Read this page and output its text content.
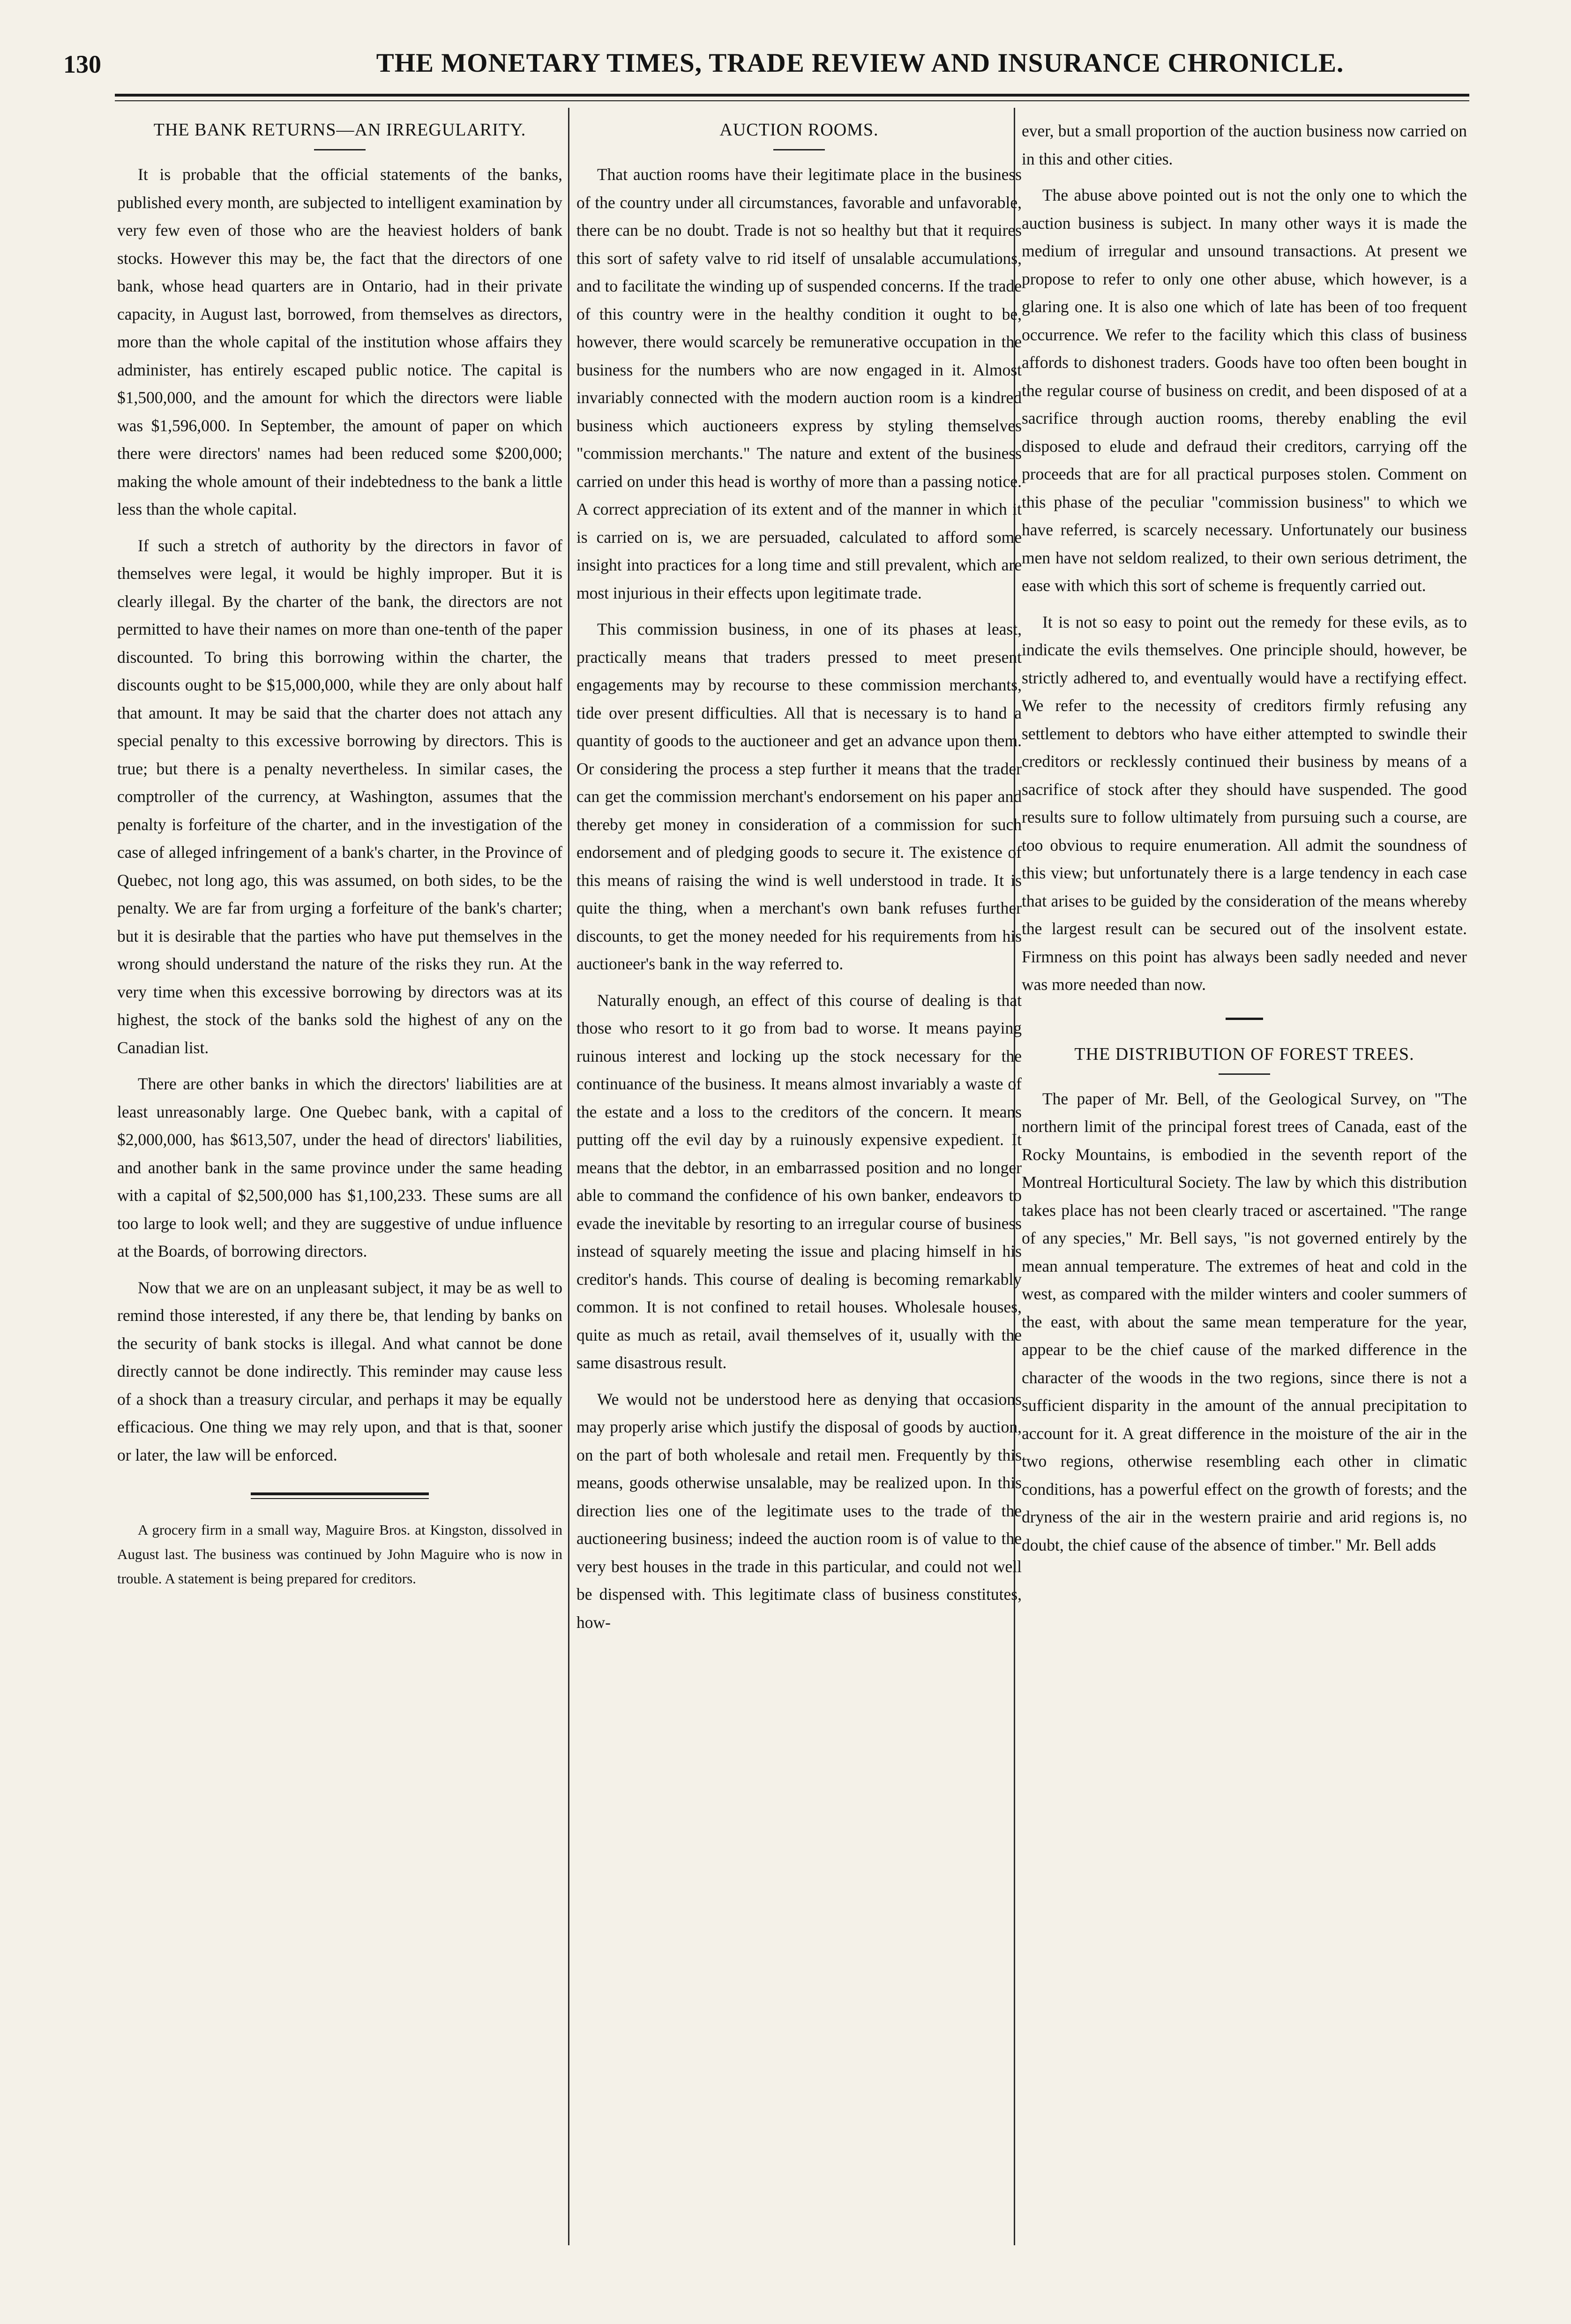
130	THE MONETARY TIMES, TRADE REVIEW AND INSURANCE CHRONICLE.
THE BANK RETURNS—AN IRREGULARITY.

It is probable that the official statements of the banks, published every month, are subjected to intelligent examination by very few even of those who are the heaviest holders of bank stocks. However this may be, the fact that the directors of one bank, whose head quarters are in Ontario, had in their private capacity, in August last, borrowed, from themselves as directors, more than the whole capital of the institution whose affairs they administer, has entirely escaped public notice. The capital is $1,500,000, and the amount for which the directors were liable was $1,596,000. In September, the amount of paper on which there were directors' names had been reduced some $200,000; making the whole amount of their indebtedness to the bank a little less than the whole capital.

If such a stretch of authority by the directors in favor of themselves were legal, it would be highly improper. But it is clearly illegal. By the charter of the bank, the directors are not permitted to have their names on more than one-tenth of the paper discounted. To bring this borrowing within the charter, the discounts ought to be $15,000,000, while they are only about half that amount. It may be said that the charter does not attach any special penalty to this excessive borrowing by directors. This is true; but there is a penalty nevertheless. In similar cases, the comptroller of the currency, at Washington, assumes that the penalty is forfeiture of the charter, and in the investigation of the case of alleged infringement of a bank's charter, in the Province of Quebec, not long ago, this was assumed, on both sides, to be the penalty. We are far from urging a forfeiture of the bank's charter; but it is desirable that the parties who have put themselves in the wrong should understand the nature of the risks they run. At the very time when this excessive borrowing by directors was at its highest, the stock of the banks sold the highest of any on the Canadian list.

There are other banks in which the directors' liabilities are at least unreasonably large. One Quebec bank, with a capital of $2,000,000, has $613,507, under the head of directors' liabilities, and another bank in the same province under the same heading with a capital of $2,500,000 has $1,100,233. These sums are all too large to look well; and they are suggestive of undue influence at the Boards, of borrowing directors.

Now that we are on an unpleasant subject, it may be as well to remind those interested, if any there be, that lending by banks on the security of bank stocks is illegal. And what cannot be done directly cannot be done indirectly. This reminder may cause less of a shock than a treasury circular, and perhaps it may be equally efficacious. One thing we may rely upon, and that is that, sooner or later, the law will be enforced.

A grocery firm in a small way, Maguire Bros. at Kingston, dissolved in August last. The business was continued by John Maguire who is now in trouble. A statement is being prepared for creditors.

AUCTION ROOMS.

That auction rooms have their legitimate place in the business of the country under all circumstances, favorable and unfavorable, there can be no doubt. Trade is not so healthy but that it requires this sort of safety valve to rid itself of unsalable accumulations, and to facilitate the winding up of suspended concerns. If the trade of this country were in the healthy condition it ought to be, however, there would scarcely be remunerative occupation in the business for the numbers who are now engaged in it. Almost invariably connected with the modern auction room is a kindred business which auctioneers express by styling themselves "commission merchants." The nature and extent of the business carried on under this head is worthy of more than a passing notice. A correct appreciation of its extent and of the manner in which it is carried on is, we are persuaded, calculated to afford some insight into practices for a long time and still prevalent, which are most injurious in their effects upon legitimate trade.

This commission business, in one of its phases at least, practically means that traders pressed to meet present engagements may by recourse to these commission merchants, tide over present difficulties. All that is necessary is to hand a quantity of goods to the auctioneer and get an advance upon them. Or considering the process a step further it means that the trader can get the commission merchant's endorsement on his paper and thereby get money in consideration of a commission for such endorsement and of pledging goods to secure it. The existence of this means of raising the wind is well understood in trade. It is quite the thing, when a merchant's own bank refuses further discounts, to get the money needed for his requirements from his auctioneer's bank in the way referred to.

Naturally enough, an effect of this course of dealing is that those who resort to it go from bad to worse. It means paying ruinous interest and locking up the stock necessary for the continuance of the business. It means almost invariably a waste of the estate and a loss to the creditors of the concern. It means putting off the evil day by a ruinously expensive expedient. It means that the debtor, in an embarrassed position and no longer able to command the confidence of his own banker, endeavors to evade the inevitable by resorting to an irregular course of business instead of squarely meeting the issue and placing himself in his creditor's hands. This course of dealing is becoming remarkably common. It is not confined to retail houses. Wholesale houses, quite as much as retail, avail themselves of it, usually with the same disastrous result.

We would not be understood here as denying that occasions may properly arise which justify the disposal of goods by auction, on the part of both wholesale and retail men. Frequently by this means, goods otherwise unsalable, may be realized upon. In this direction lies one of the legitimate uses to the trade of the auctioneering business; indeed the auction room is of value to the very best houses in the trade in this particular, and could not well be dispensed with. This legitimate class of business constitutes, how-

ever, but a small proportion of the auction business now carried on in this and other cities.

The abuse above pointed out is not the only one to which the auction business is subject. In many other ways it is made the medium of irregular and unsound transactions. At present we propose to refer to only one other abuse, which however, is a glaring one. It is also one which of late has been of too frequent occurrence. We refer to the facility which this class of business affords to dishonest traders. Goods have too often been bought in the regular course of business on credit, and been disposed of at a sacrifice through auction rooms, thereby enabling the evil disposed to elude and defraud their creditors, carrying off the proceeds that are for all practical purposes stolen. Comment on this phase of the peculiar "commission business" to which we have referred, is scarcely necessary. Unfortunately our business men have not seldom realized, to their own serious detriment, the ease with which this sort of scheme is frequently carried out.

It is not so easy to point out the remedy for these evils, as to indicate the evils themselves. One principle should, however, be strictly adhered to, and eventually would have a rectifying effect. We refer to the necessity of creditors firmly refusing any settlement to debtors who have either attempted to swindle their creditors or recklessly continued their business by means of a sacrifice of stock after they should have suspended. The good results sure to follow ultimately from pursuing such a course, are too obvious to require enumeration. All admit the soundness of this view; but unfortunately there is a large tendency in each case that arises to be guided by the consideration of the means whereby the largest result can be secured out of the insolvent estate. Firmness on this point has always been sadly needed and never was more needed than now.

THE DISTRIBUTION OF FOREST TREES.

The paper of Mr. Bell, of the Geological Survey, on "The northern limit of the principal forest trees of Canada, east of the Rocky Mountains, is embodied in the seventh report of the Montreal Horticultural Society. The law by which this distribution takes place has not been clearly traced or ascertained. "The range of any species," Mr. Bell says, "is not governed entirely by the mean annual temperature. The extremes of heat and cold in the west, as compared with the milder winters and cooler summers of the east, with about the same mean temperature for the year, appear to be the chief cause of the marked difference in the character of the woods in the two regions, since there is not a sufficient disparity in the amount of the annual precipitation to account for it. A great difference in the moisture of the air in the two regions, otherwise resembling each other in climatic conditions, has a powerful effect on the growth of forests; and the dryness of the air in the western prairie and arid regions is, no doubt, the chief cause of the absence of timber." Mr. Bell adds
